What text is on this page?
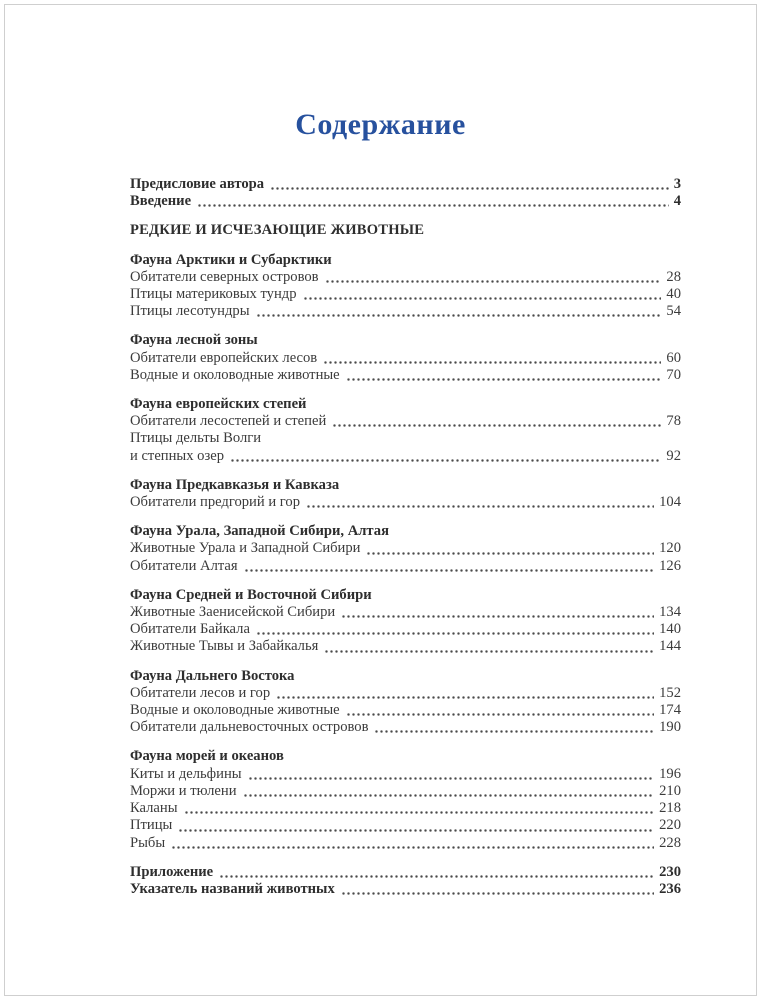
Содержание
Предисловие автора	3
Введение	4
РЕДКИЕ И ИСЧЕЗАЮЩИЕ ЖИВОТНЫЕ
Фауна Арктики и Субарктики
Обитатели северных островов	28
Птицы материковых тундр	40
Птицы лесотундры	54
Фауна лесной зоны
Обитатели европейских лесов	60
Водные и околоводные животные	70
Фауна европейских степей
Обитатели лесостепей и степей	78
Птицы дельты Волги
и степных озер	92
Фауна Предкавказья и Кавказа
Обитатели предгорий и гор	104
Фауна Урала, Западной Сибири, Алтая
Животные Урала и Западной Сибири	120
Обитатели Алтая	126
Фауна Средней и Восточной Сибири
Животные Заенисейской Сибири	134
Обитатели Байкала	140
Животные Тывы и Забайкалья	144
Фауна Дальнего Востока
Обитатели лесов и гор	152
Водные и околоводные животные	174
Обитатели дальневосточных островов	190
Фауна морей и океанов
Киты и дельфины	196
Моржи и тюлени	210
Каланы	218
Птицы	220
Рыбы	228
Приложение	230
Указатель названий животных	236
